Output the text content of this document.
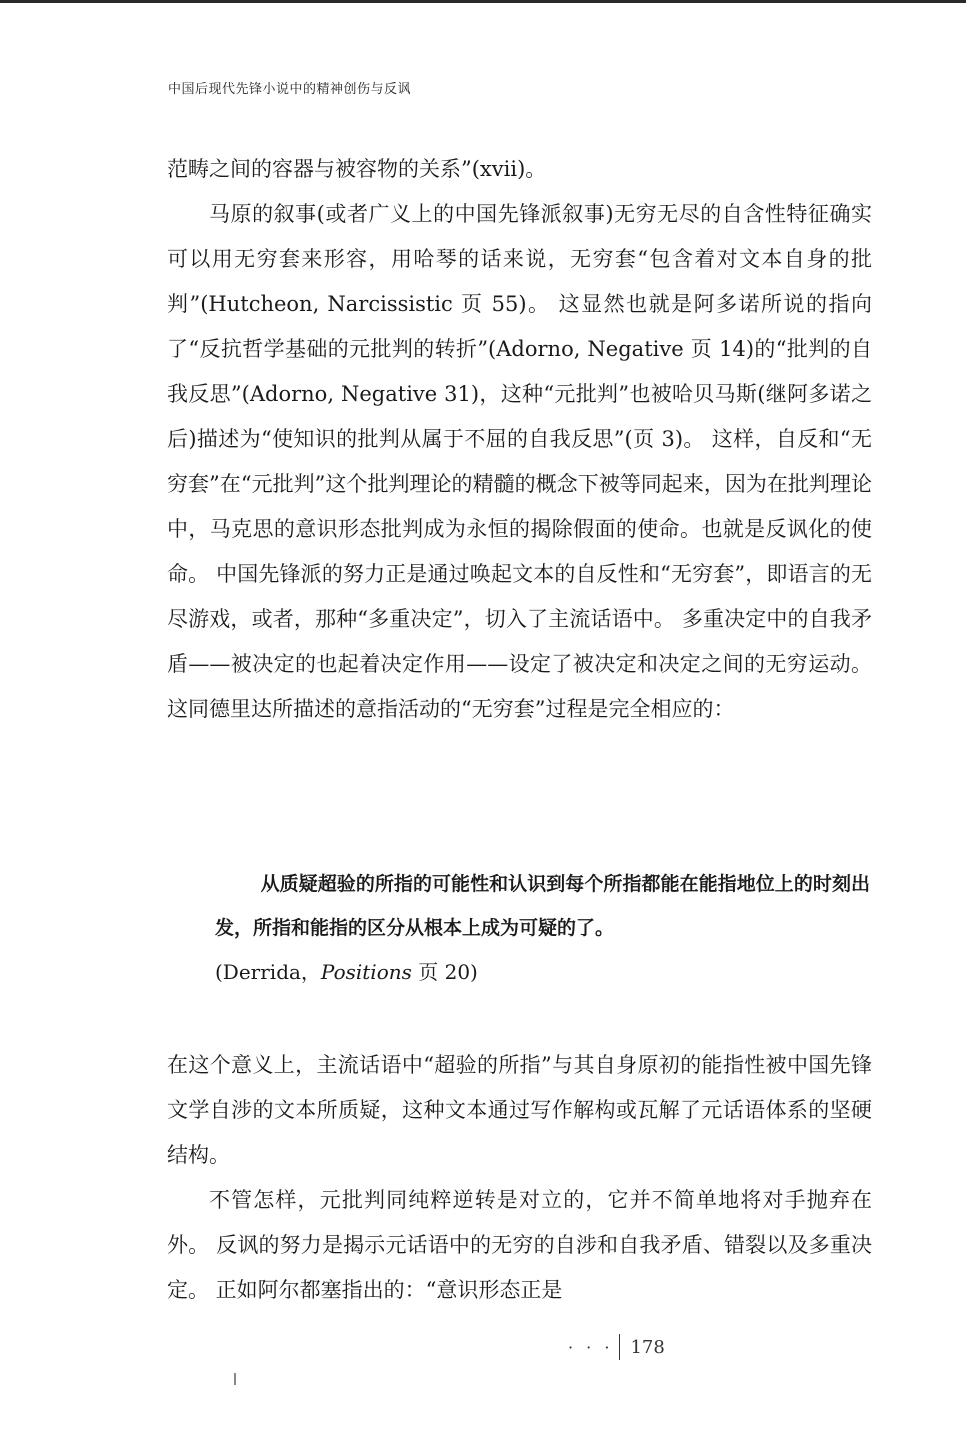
中国后现代先锋小说中的精神创伤与反讽

范畴之间的容器与被容物的关系”(xvii)。

马原的叙事(或者广义上的中国先锋派叙事)无穷无尽的自含性特征确实可以用无穷套来形容，用哈琴的话来说，无穷套“包含着对文本自身的批判”(Hutcheon, Narcissistic 页 55)。 这显然也就是阿多诺所说的指向了“反抗哲学基础的元批判的转折”(Adorno, Negative 页 14)的“批判的自我反思”(Adorno, Negative 31)，这种“元批判”也被哈贝马斯(继阿多诺之后)描述为“使知识的批判从属于不屈的自我反思”(页 3)。 这样，自反和“无穷套”在“元批判”这个批判理论的精髓的概念下被等同起来，因为在批判理论中，马克思的意识形态批判成为永恒的揭除假面的使命。也就是反讽化的使命。 中国先锋派的努力正是通过唤起文本的自反性和“无穷套”，即语言的无尽游戏，或者，那种“多重决定”，切入了主流话语中。 多重决定中的自我矛盾——被决定的也起着决定作用——设定了被决定和决定之间的无穷运动。 这同德里达所描述的意指活动的“无穷套”过程是完全相应的：

从质疑超验的所指的可能性和认识到每个所指都能在能指地位上的时刻出发，所指和能指的区分从根本上成为可疑的了。

(Derrida，Positions 页 20)

在这个意义上，主流话语中“超验的所指”与其自身原初的能指性被中国先锋文学自涉的文本所质疑，这种文本通过写作解构或瓦解了元话语体系的坚硬结构。

不管怎样，元批判同纯粹逆转是对立的，它并不简单地将对手抛弃在外。 反讽的努力是揭示元话语中的无穷的自涉和自我矛盾、错裂以及多重决定。 正如阿尔都塞指出的：“意识形态正是

· · · 178
